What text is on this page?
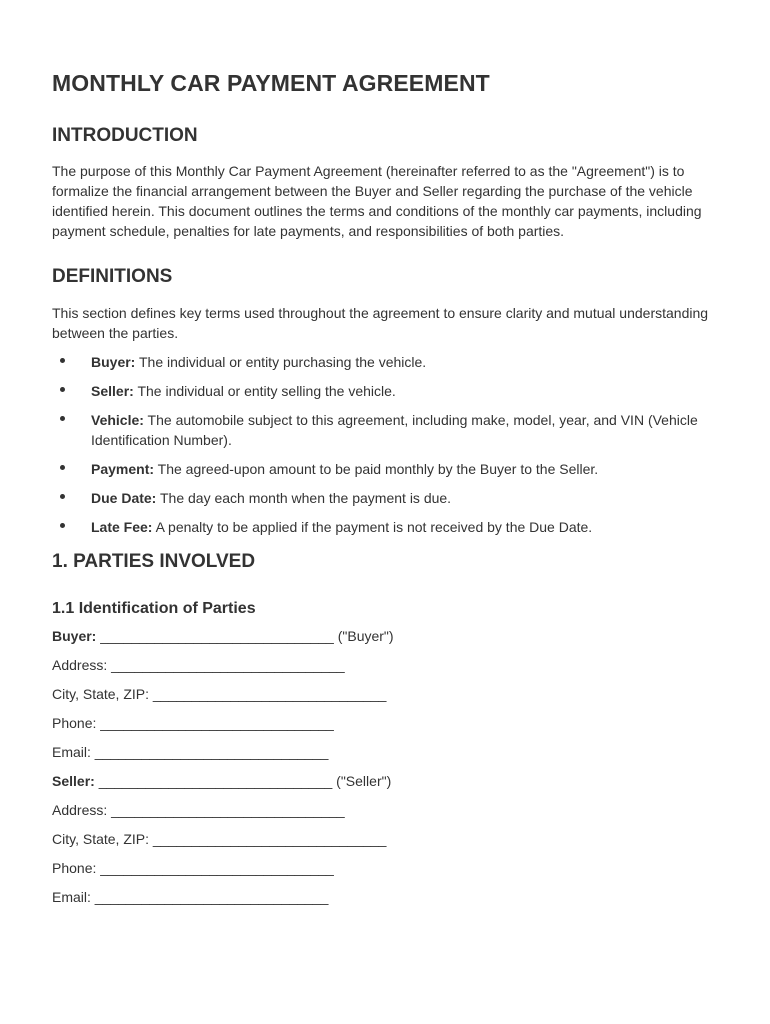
MONTHLY CAR PAYMENT AGREEMENT
INTRODUCTION

The purpose of this Monthly Car Payment Agreement (hereinafter referred to as the "Agreement") is to formalize the financial arrangement between the Buyer and Seller regarding the purchase of the vehicle identified herein. This document outlines the terms and conditions of the monthly car payments, including payment schedule, penalties for late payments, and responsibilities of both parties.

DEFINITIONS

This section defines key terms used throughout the agreement to ensure clarity and mutual understanding between the parties.

Buyer: The individual or entity purchasing the vehicle.
Seller: The individual or entity selling the vehicle.
Vehicle: The automobile subject to this agreement, including make, model, year, and VIN (Vehicle Identification Number).
Payment: The agreed-upon amount to be paid monthly by the Buyer to the Seller.
Due Date: The day each month when the payment is due.
Late Fee: A penalty to be applied if the payment is not received by the Due Date.
1. PARTIES INVOLVED
1.1 Identification of Parties
Buyer: ______________________________ ("Buyer")
Address: ______________________________
City, State, ZIP: ______________________________
Phone: ______________________________
Email: ______________________________
Seller: ______________________________ ("Seller")
Address: ______________________________
City, State, ZIP: ______________________________
Phone: ______________________________
Email: ______________________________
